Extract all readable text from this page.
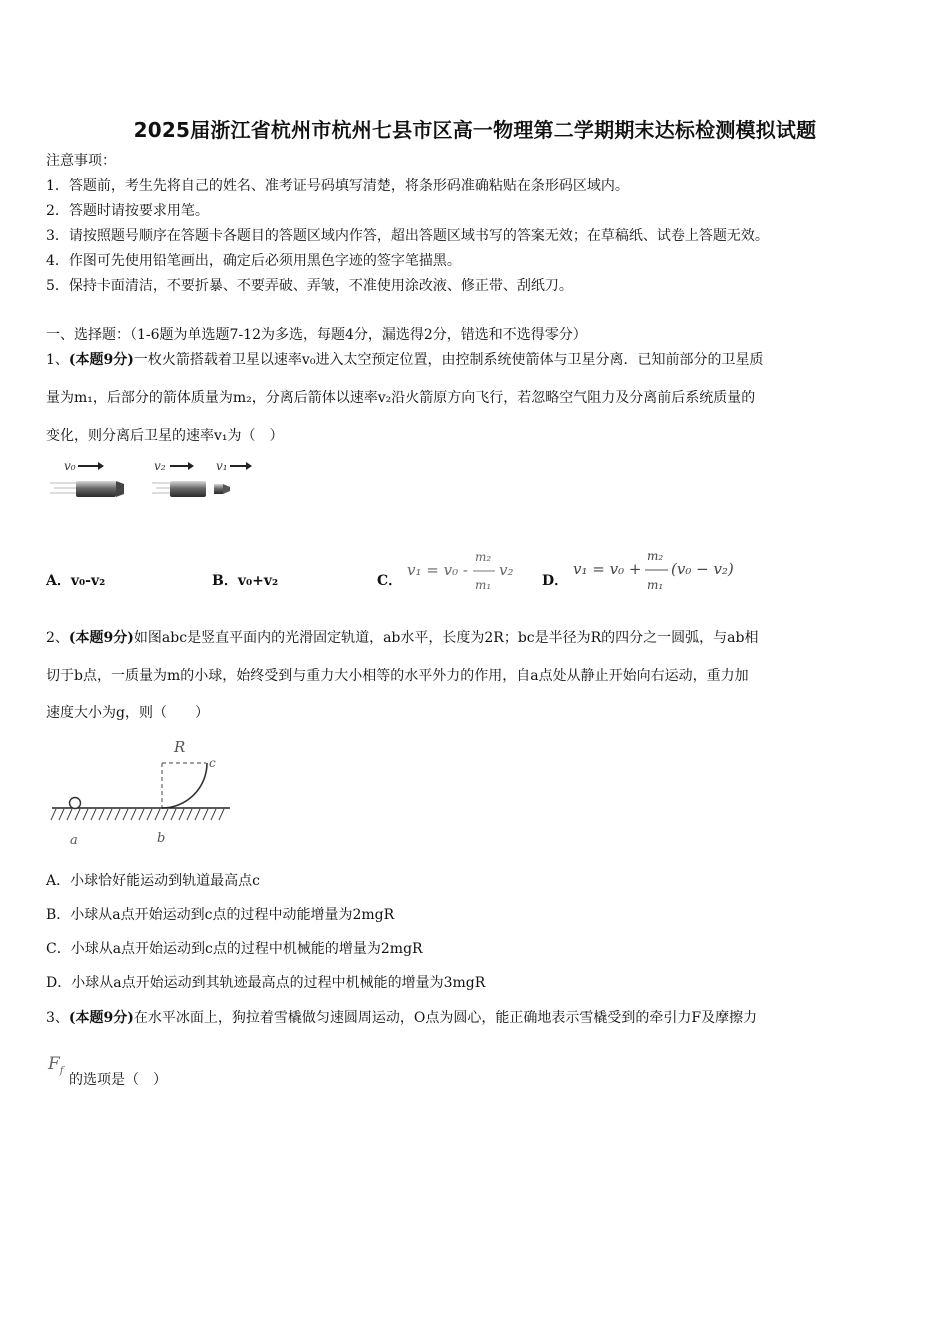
2025届浙江省杭州市杭州七县市区高一物理第二学期期末达标检测模拟试题
注意事项：
1．答题前，考生先将自己的姓名、准考证号码填写清楚，将条形码准确粘贴在条形码区域内。
2．答题时请按要求用笔。
3．请按照题号顺序在答题卡各题目的答题区域内作答，超出答题区域书写的答案无效；在草稿纸、试卷上答题无效。
4．作图可先使用铅笔画出，确定后必须用黑色字迹的签字笔描黑。
5．保持卡面清洁，不要折暴、不要弄破、弄皱，不准使用涂改液、修正带、刮纸刀。
一、选择题：（1-6题为单选题7-12为多选，每题4分，漏选得2分，错选和不选得零分）
1、(本题9分)一枚火箭搭载着卫星以速率v₀进入太空预定位置，由控制系统使箭体与卫星分离．已知前部分的卫星质
量为m₁，后部分的箭体质量为m₂，分离后箭体以速率v₂沿火箭原方向飞行，若忽略空气阻力及分离前后系统质量的
变化，则分离后卫星的速率v₁为（　）
v₀	v₂	v₁
A．v₀-v₂	B．v₀+v₂	C．
v₁ = v₀ -
m₂
m₁
v₂
D．
v₁ = v₀ +
m₂
m₁
(v₀ − v₂)
2、(本题9分)如图abc是竖直平面内的光滑固定轨道，ab水平，长度为2R；bc是半径为R的四分之一圆弧，与ab相
切于b点，一质量为m的小球，始终受到与重力大小相等的水平外力的作用，自a点处从静止开始向右运动，重力加
速度大小为g，则（　　）
R
c
a	b
A．小球恰好能运动到轨道最高点c
B．小球从a点开始运动到c点的过程中动能增量为2mgR
C．小球从a点开始运动到c点的过程中机械能的增量为2mgR
D．小球从a点开始运动到其轨迹最高点的过程中机械能的增量为3mgR
3、(本题9分)在水平冰面上，狗拉着雪橇做匀速圆周运动，O点为圆心，能正确地表示雪橇受到的牵引力F及摩擦力
$F_f$
的选项是（　）
